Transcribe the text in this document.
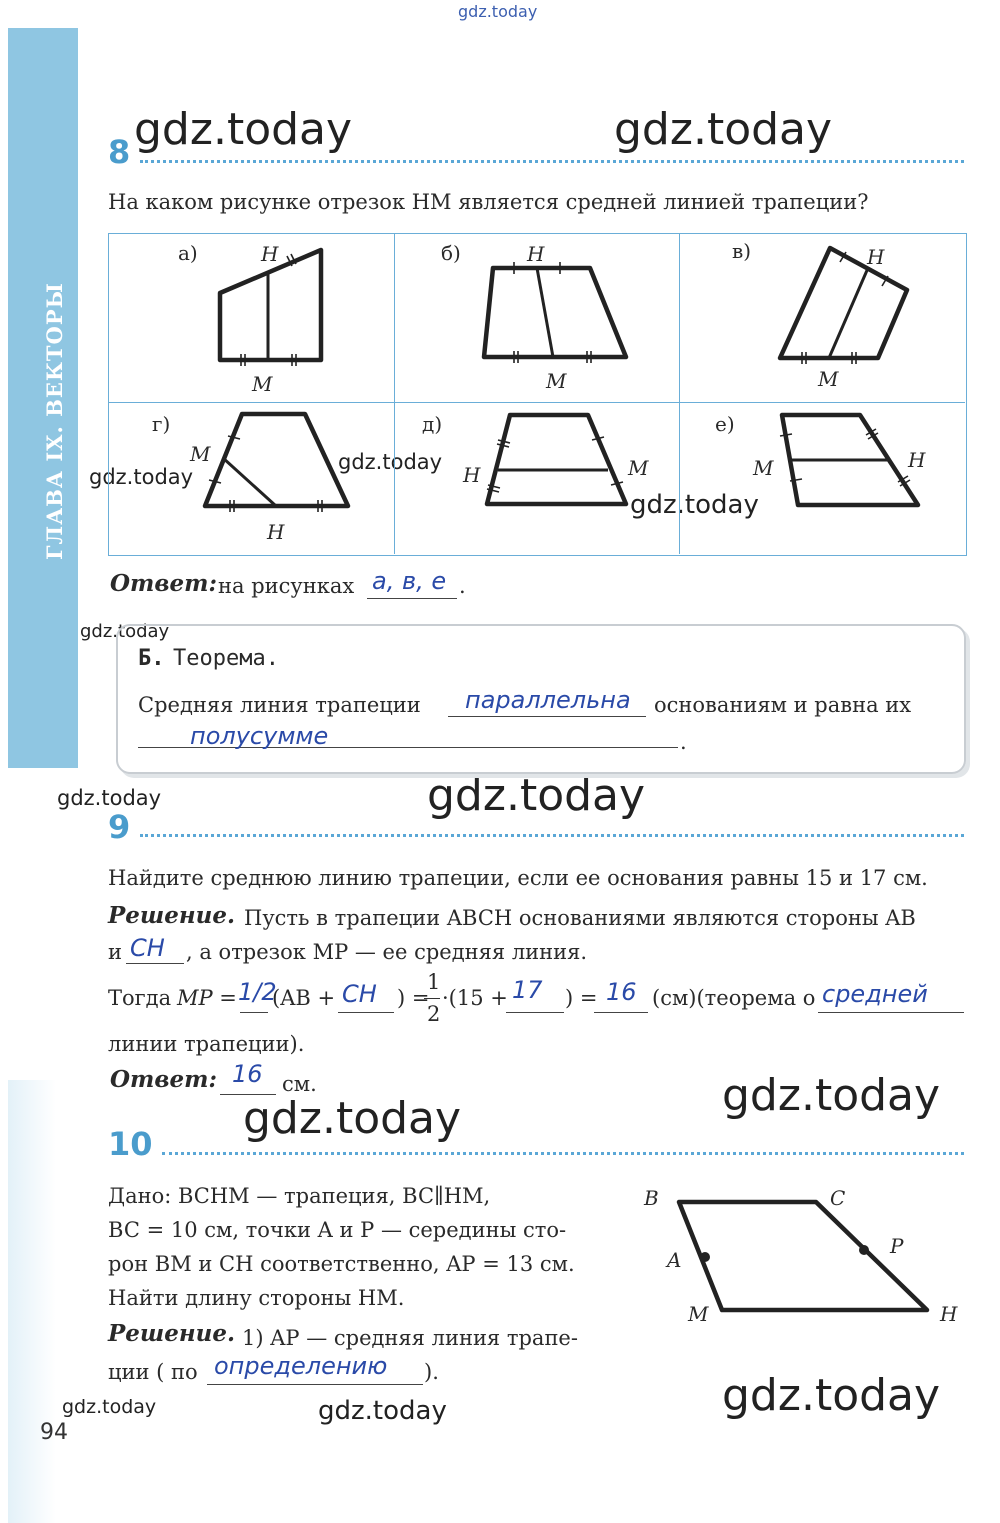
ГЛАВА IX. ВЕКТОРЫ
gdz.today
gdz.today	gdz.today
gdz.today
gdz.today
gdz.today
gdz.today
gdz.today	gdz.today
gdz.today
gdz.today
gdz.today
gdz.today	gdz.today
8
На каком рисунке отрезок HM является средней линией трапеции?
а)	H
M
б)	H
M
в)	H
M
г)
M
H
д)
H	M
е)
M	H
Ответ: на рисунках а, в, е .
Б. Теорема.
Средняя линия трапеции параллельна основаниям и равна их
полусумме	.
9
Найдите среднюю линию трапеции, если ее основания равны 15 и 17 см.
Решение. Пусть в трапеции ABCH основаниями являются стороны AB
и CH , а отрезок MP — ее средняя линия.
Тогда MP = 1/2
(AB + CH ) =
1
2
·(15 + 17 ) = 16 (см)(теорема о средней
линии трапеции).
Ответ: 16 см.
10
Дано: BCHM — трапеция, BC∥HM,
BC = 10 см, точки A и P — середины сто-
рон BM и CH соответственно, AP = 13 см.
Найти длину стороны HM.
Решение. 1) AP — средняя линия трапе-
ции ( по определению ).
B	C
P
A
M	H
94
